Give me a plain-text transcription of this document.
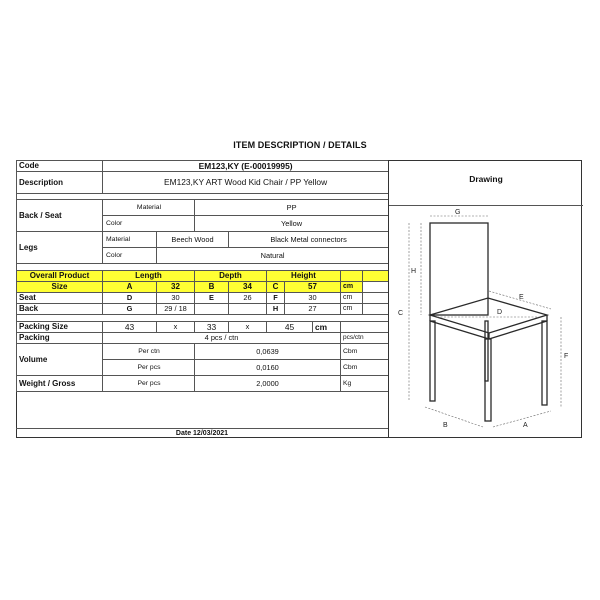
ITEM DESCRIPTION / DETAILS
Code	EM123,KY (E-00019995)								
Description	EM123,KY ART Wood Kid Chair / PP Yellow								

Back / Seat	Material		PP						
	Color		Yellow						
Legs	Material	Beech Wood		Black Metal connectors					
	Color	Natural							

Overall Product	Length		Depth		Height				
Size	A	32	B	34	C	57		cm	
Seat	D	30	E	26	F	30		cm	
Back	G	29 / 18			H	27		cm	

Packing Size	43	x	33	x	45		cm		
Packing	4 pcs / ctn							pcs/ctn	
Volume	Per ctn		0,0639					Cbm	
	Per pcs		0,0160					Cbm	
Weight / Gross	Per pcs		2,0000					Kg	
Date 12/03/2021
Drawing
G
H
C
E
D
F
B	A
